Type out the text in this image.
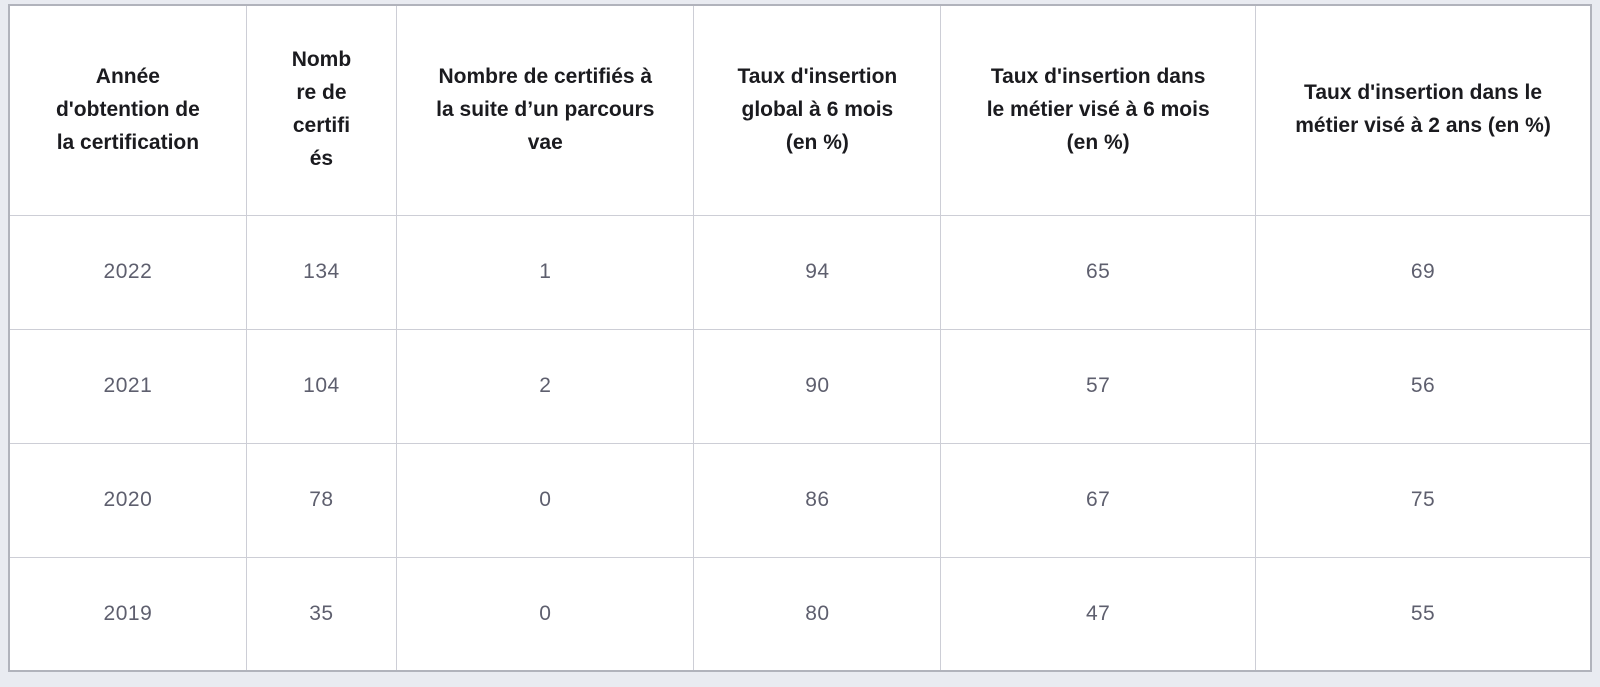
Année d'obtention de la certification	Nombre de certifiés	Nombre de certifiés à la suite d’un parcours vae	Taux d'insertion global à 6 mois (en %)	Taux d'insertion dans le métier visé à 6 mois (en %)	Taux d'insertion dans le métier visé à 2 ans (en %)
2022	134	1	94	65	69
2021	104	2	90	57	56
2020	78	0	86	67	75
2019	35	0	80	47	55
